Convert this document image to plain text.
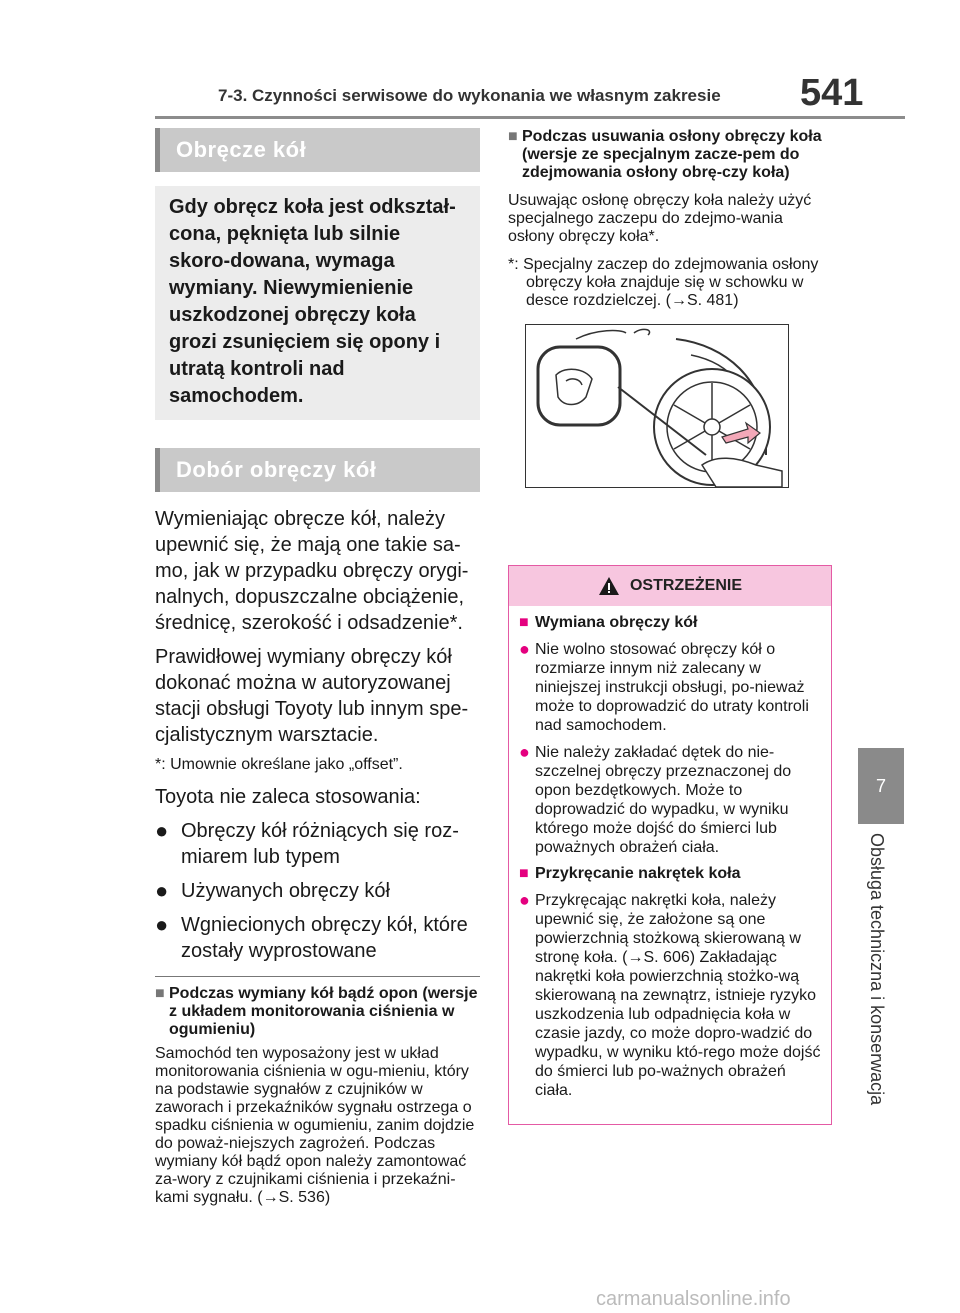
7-3. Czynności serwisowe do wykonania we własnym zakresie 541
7
Obsługa techniczna i konserwacja
Obręcze kół
Gdy obręcz koła jest odkształ-cona, pęknięta lub silnie skoro-dowana, wymaga wymiany. Niewymienienie uszkodzonej obręczy koła grozi zsunięciem się opony i utratą kontroli nad samochodem.
Dobór obręczy kół

Wymieniając obręcze kół, należy upewnić się, że mają one takie sa-mo, jak w przypadku obręczy orygi-nalnych, dopuszczalne obciążenie, średnicę, szerokość i odsadzenie*.

Prawidłowej wymiany obręczy kół dokonać można w autoryzowanej stacji obsługi Toyoty lub innym spe-cjalistycznym warsztacie.

*: Umownie określane jako „offset”.
Toyota nie zaleca stosowania:
● Obręczy kół różniących się roz-miarem lub typem
● Używanych obręczy kół
● Wgniecionych obręczy kół, które zostały wyprostowane
■ Podczas wymiany kół bądź opon (wersje z układem monitorowania ciśnienia w ogumieniu)
Samochód ten wyposażony jest w układ monitorowania ciśnienia w ogu-mieniu, który na podstawie sygnałów z czujników w zaworach i przekaźników sygnału ostrzega o spadku ciśnienia w ogumieniu, zanim dojdzie do poważ-niejszych zagrożeń. Podczas wymiany kół bądź opon należy zamontować za-wory z czujnikami ciśnienia i przekaźni-kami sygnału. (→S. 536)
■ Podczas usuwania osłony obręczy koła (wersje ze specjalnym zacze-pem do zdejmowania osłony obrę-czy koła)
Usuwając osłonę obręczy koła należy użyć specjalnego zaczepu do zdejmo-wania osłony obręczy koła*.
*: Specjalny zaczep do zdejmowania osłony obręczy koła znajduje się w schowku w desce rozdzielczej. (→S. 481)
OSTRZEŻENIE
■ Wymiana obręczy kół
● Nie wolno stosować obręczy kół o rozmiarze innym niż zalecany w niniejszej instrukcji obsługi, po-nieważ może to doprowadzić do utraty kontroli nad samochodem.
● Nie należy zakładać dętek do nie-szczelnej obręczy przeznaczonej do opon bezdętkowych. Może to doprowadzić do wypadku, w wyniku którego może dojść do śmierci lub poważnych obrażeń ciała.
■ Przykręcanie nakrętek koła
● Przykręcając nakrętki koła, należy upewnić się, że założone są one powierzchnią stożkową skierowaną w stronę koła. (→S. 606) Zakładając nakrętki koła powierzchnią stożko-wą skierowaną na zewnątrz, istnieje ryzyko uszkodzenia lub odpadnięcia koła w czasie jazdy, co może dopro-wadzić do wypadku, w wyniku któ-rego może dojść do śmierci lub po-ważnych obrażeń ciała.
carmanualsonline.info
